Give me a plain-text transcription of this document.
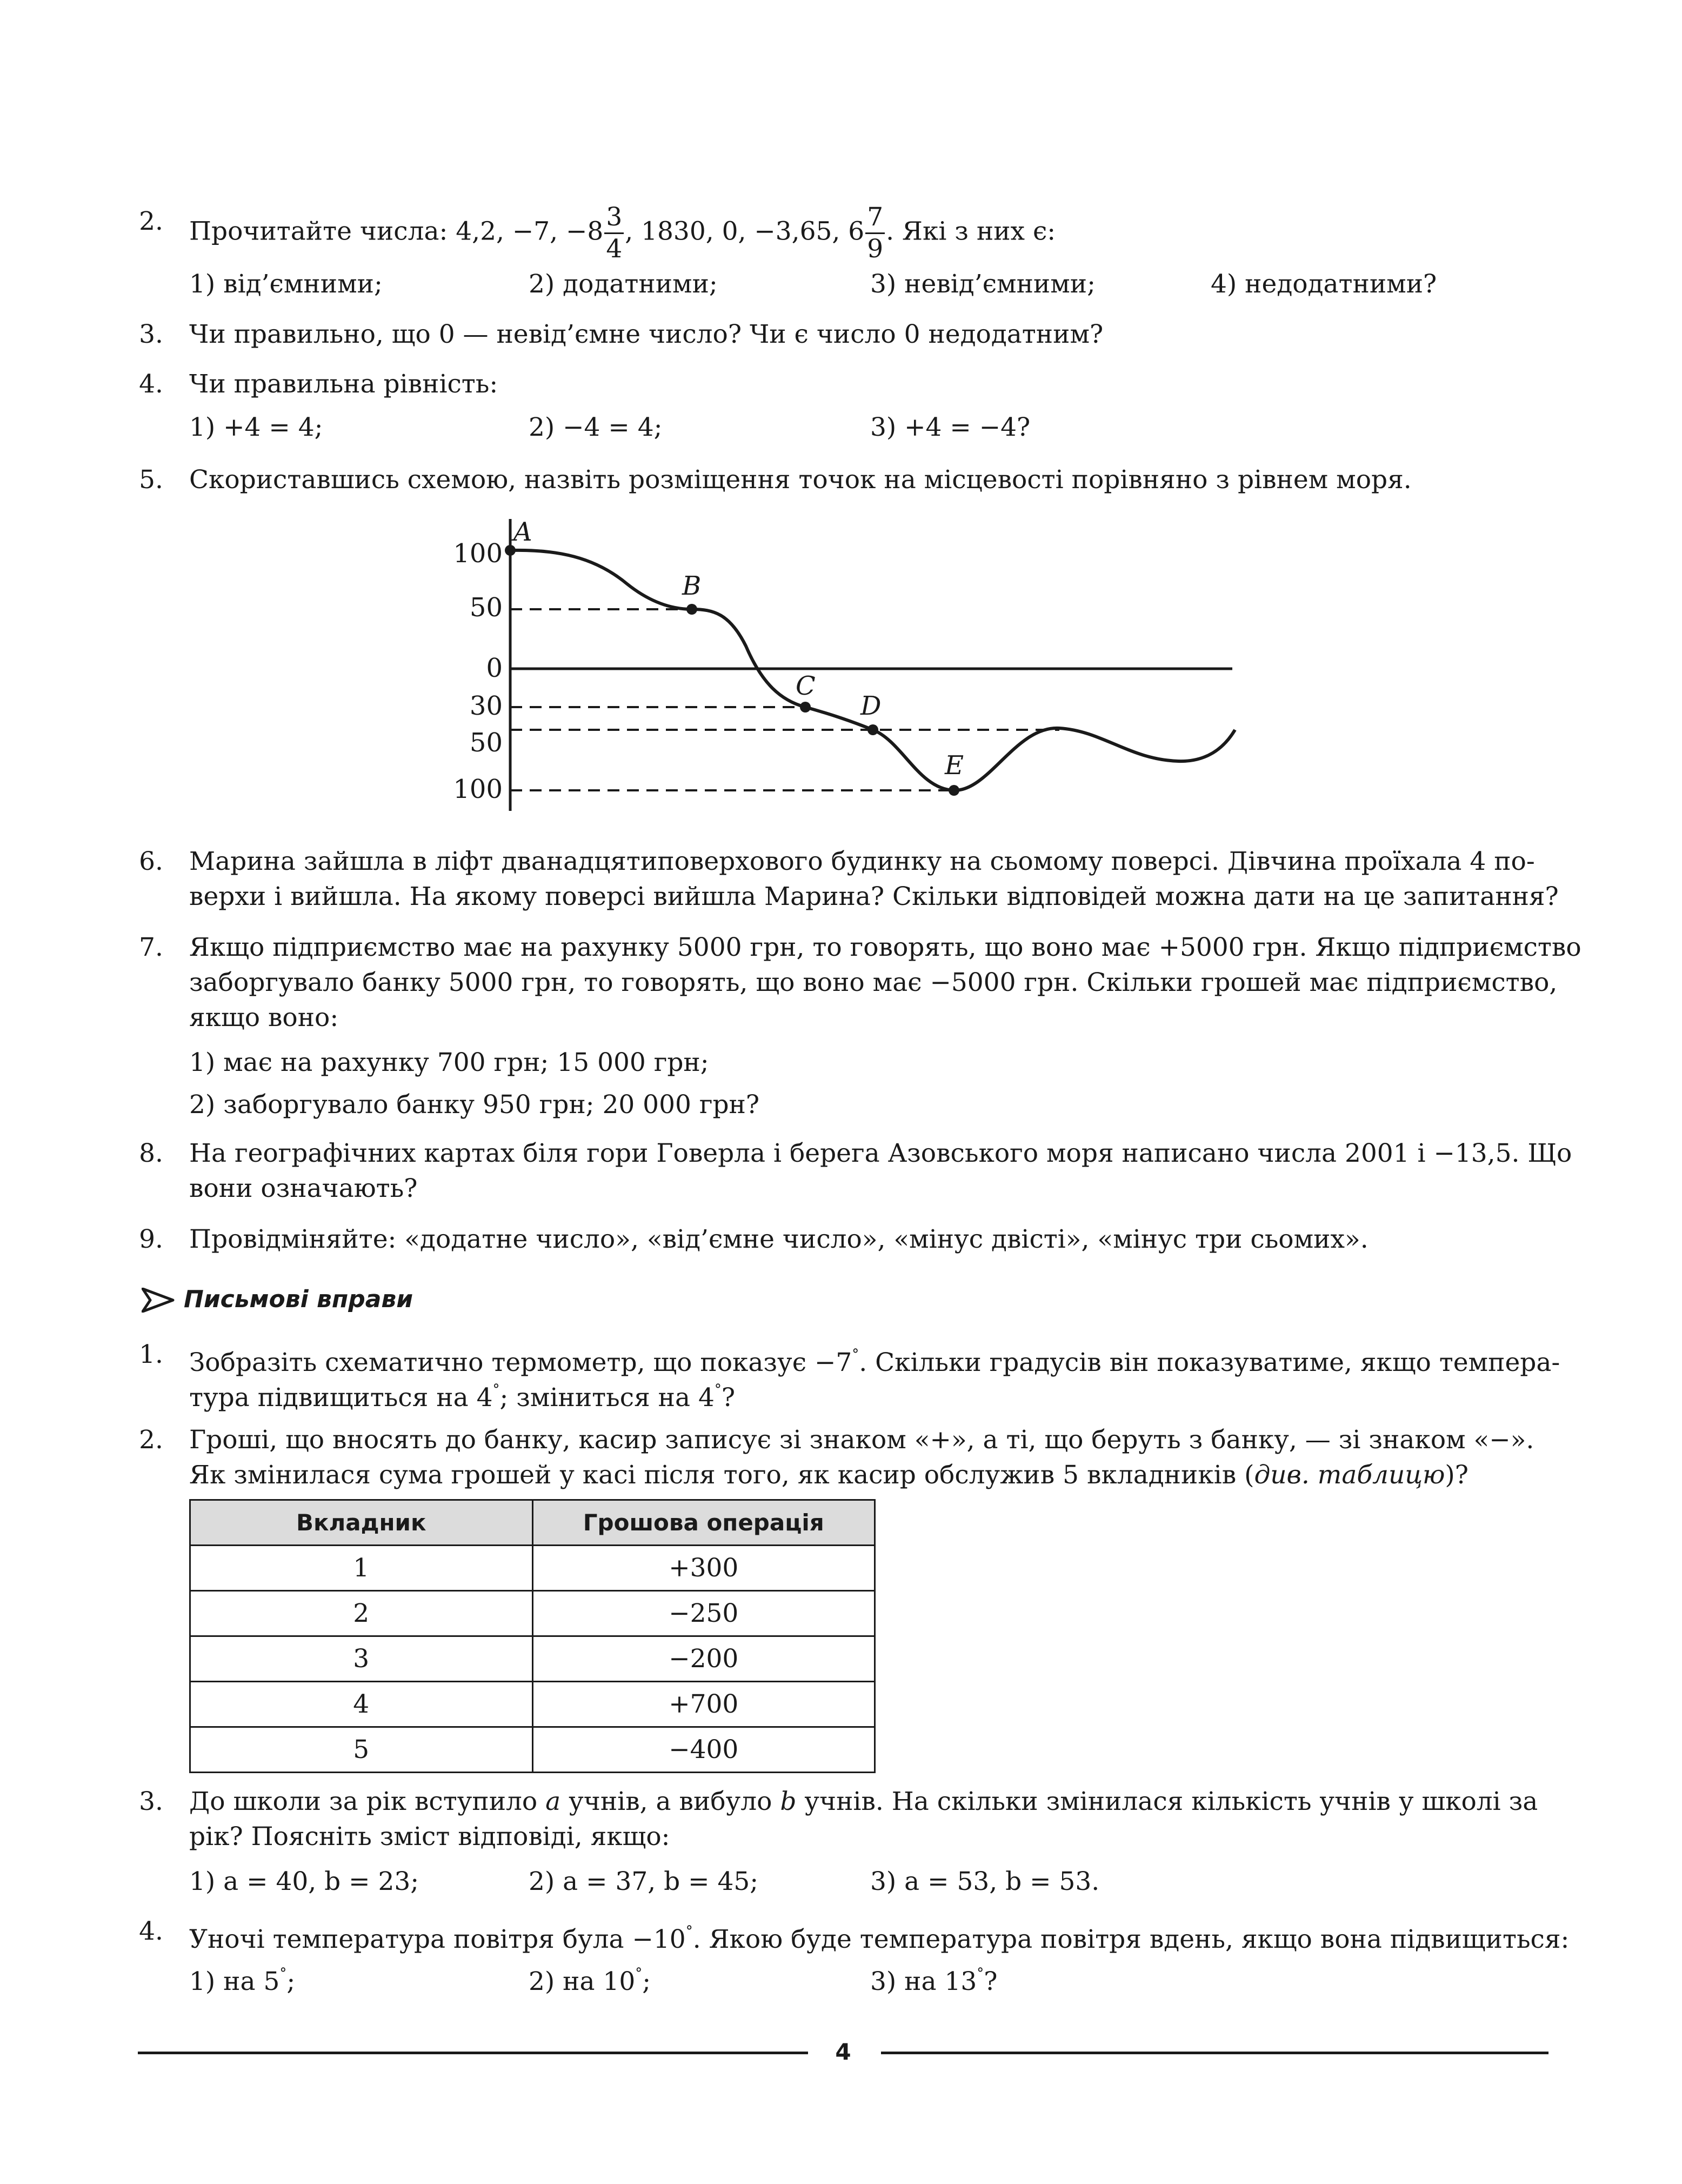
2. Прочитайте числа: 4,2, −7, $-8 \frac{3}{4}$ , 1830, 0, −3,65, $6 \frac{7}{9}$ . Які з них є:
1) від’ємними;	2) додатними;	3) невід’ємними;	4) недодатними?
3. Чи правильно, що 0 — невід’ємне число? Чи є число 0 недодатним?
4. Чи правильна рівність:
1) +4 = 4;	2) −4 = 4;	3) +4 = −4?
5. Скориставшись схемою, назвіть розміщення точок на місцевості порівняно з рівнем моря.
100
50
0
30
50
100
A
B
C
D
E
6. Марина зайшла в ліфт дванадцятиповерхового будинку на сьомому поверсі. Дівчина проїхала 4 по-
верхи і вийшла. На якому поверсі вийшла Марина? Скільки відповідей можна дати на це запитання?
7. Якщо підприємство має на рахунку 5000 грн, то говорять, що воно має +5000 грн. Якщо підприємство
заборгувало банку 5000 грн, то говорять, що воно має −5000 грн. Скільки грошей має підприємство,
якщо воно:
1) має на рахунку 700 грн; 15 000 грн;
2) заборгувало банку 950 грн; 20 000 грн?
8. На географічних картах біля гори Говерла і берега Азовського моря написано числа 2001 і −13,5. Що
вони означають?
9. Провідміняйте: «додатне число», «від’ємне число», «мінус двісті», «мінус три сьомих».
Письмові вправи
1. Зобразіть схематично термометр, що показує −7°. Скільки градусів він показуватиме, якщо темпера-
тура підвищиться на 4°; зміниться на 4°?
2. Гроші, що вносять до банку, касир записує зі знаком «+», а ті, що беруть з банку, — зі знаком «−».
Як змінилася сума грошей у касі після того, як касир обслужив 5 вкладників (див. таблицю)?
Вкладник	Грошова операція
1	+300
2	−250
3	−200
4	+700
5	−400
3. До школи за рік вступило a учнів, а вибуло b учнів. На скільки змінилася кількість учнів у школі за
рік? Поясніть зміст відповіді, якщо:
1) a = 40, b = 23;	2) a = 37, b = 45;	3) a = 53, b = 53.
4. Уночі температура повітря була −10°. Якою буде температура повітря вдень, якщо вона підвищиться:
1) на 5°;	2) на 10°;	3) на 13°?
4
